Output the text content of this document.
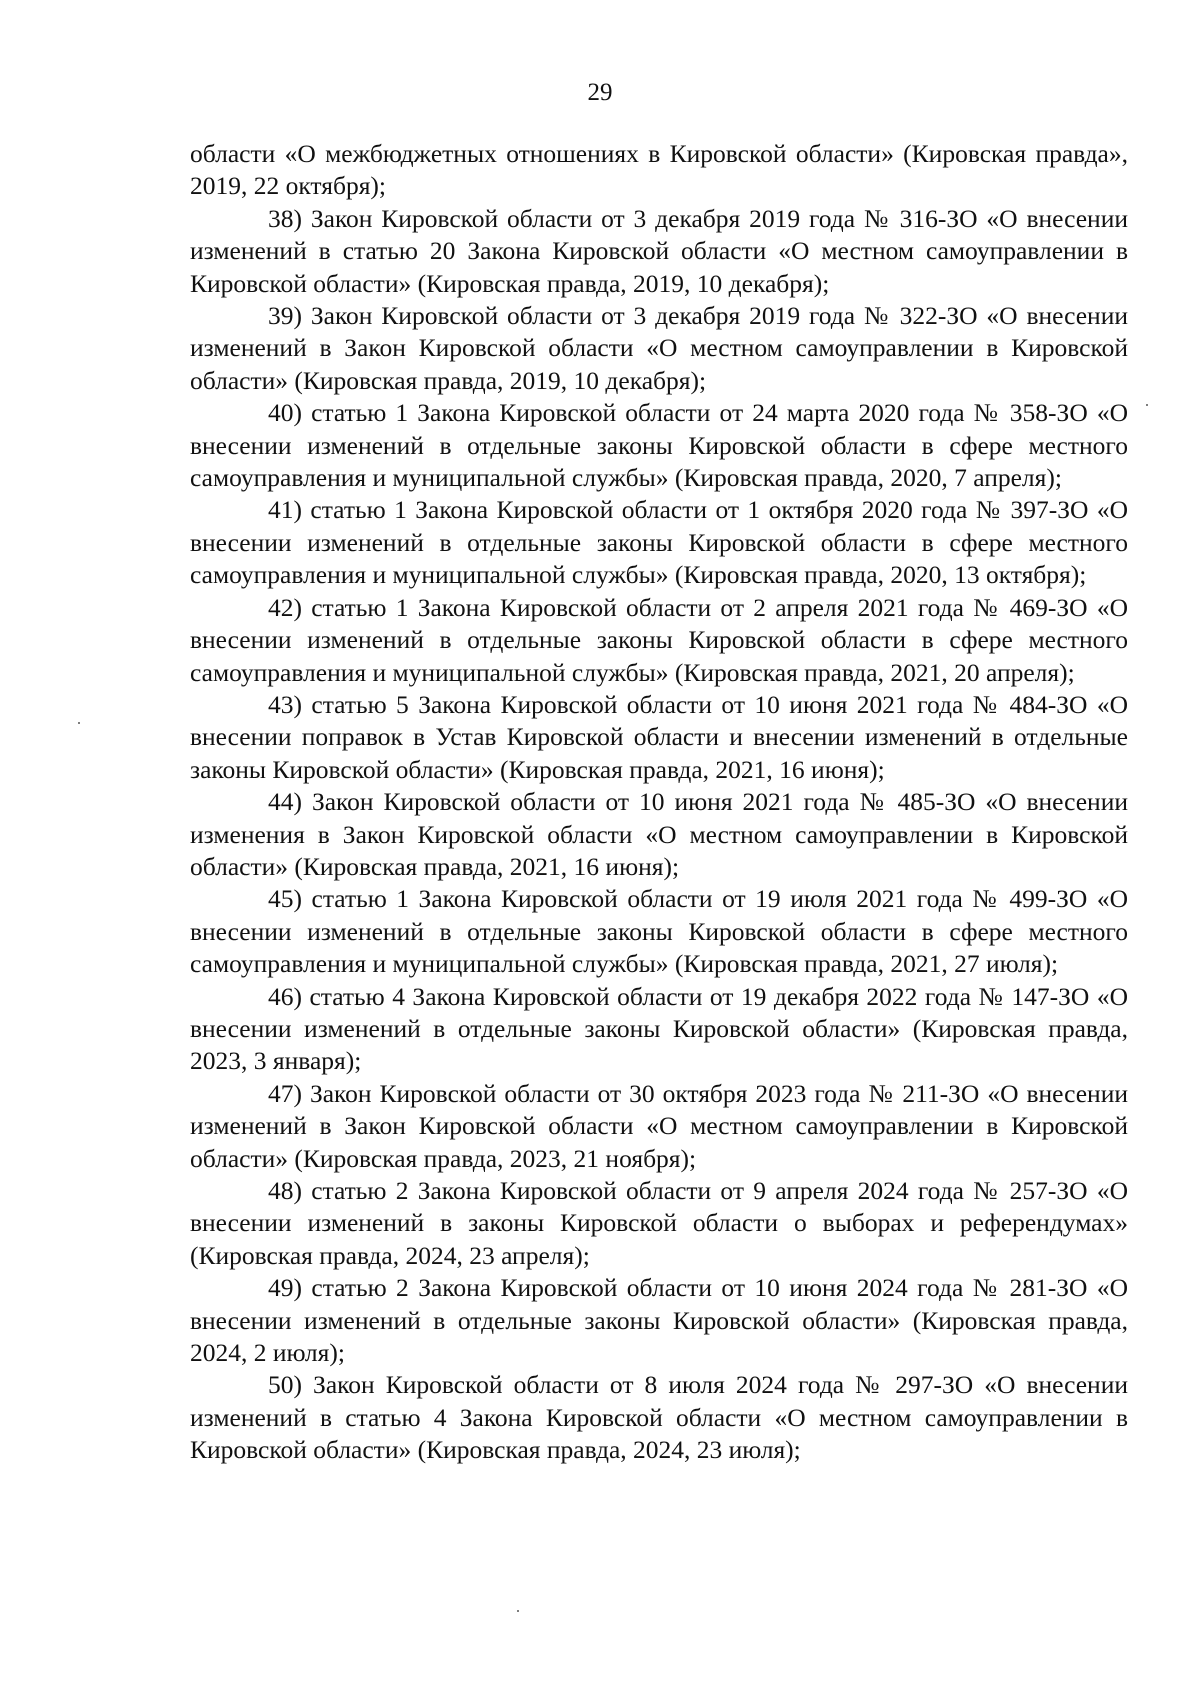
29

области «О межбюджетных отношениях в Кировской области» (Кировская правда», 2019, 22 октября);

38) Закон Кировской области от 3 декабря 2019 года № 316-ЗО «О внесении изменений в статью 20 Закона Кировской области «О местном самоуправлении в Кировской области» (Кировская правда, 2019, 10 декабря);

39) Закон Кировской области от 3 декабря 2019 года № 322-ЗО «О внесении изменений в Закон Кировской области «О местном самоуправлении в Кировской области» (Кировская правда, 2019, 10 декабря);

40) статью 1 Закона Кировской области от 24 марта 2020 года № 358-ЗО «О внесении изменений в отдельные законы Кировской области в сфере местного самоуправления и муниципальной службы» (Кировская правда, 2020, 7 апреля);

41) статью 1 Закона Кировской области от 1 октября 2020 года № 397-ЗО «О внесении изменений в отдельные законы Кировской области в сфере местного самоуправления и муниципальной службы» (Кировская правда, 2020, 13 октября);

42) статью 1 Закона Кировской области от 2 апреля 2021 года № 469-ЗО «О внесении изменений в отдельные законы Кировской области в сфере местного самоуправления и муниципальной службы» (Кировская правда, 2021, 20 апреля);

43) статью 5 Закона Кировской области от 10 июня 2021 года № 484-ЗО «О внесении поправок в Устав Кировской области и внесении изменений в отдельные законы Кировской области» (Кировская правда, 2021, 16 июня);

44) Закон Кировской области от 10 июня 2021 года № 485-ЗО «О внесении изменения в Закон Кировской области «О местном самоуправлении в Кировской области» (Кировская правда, 2021, 16 июня);

45) статью 1 Закона Кировской области от 19 июля 2021 года № 499-ЗО «О внесении изменений в отдельные законы Кировской области в сфере местного самоуправления и муниципальной службы» (Кировская правда, 2021, 27 июля);

46) статью 4 Закона Кировской области от 19 декабря 2022 года № 147-ЗО «О внесении изменений в отдельные законы Кировской области» (Кировская правда, 2023, 3 января);

47) Закон Кировской области от 30 октября 2023 года № 211-ЗО «О внесении изменений в Закон Кировской области «О местном самоуправлении в Кировской области» (Кировская правда, 2023, 21 ноября);

48) статью 2 Закона Кировской области от 9 апреля 2024 года № 257-ЗО «О внесении изменений в законы Кировской области о выборах и референдумах» (Кировская правда, 2024, 23 апреля);

49) статью 2 Закона Кировской области от 10 июня 2024 года № 281-ЗО «О внесении изменений в отдельные законы Кировской области» (Кировская правда, 2024, 2 июля);

50) Закон Кировской области от 8 июля 2024 года № 297-ЗО «О внесении изменений в статью 4 Закона Кировской области «О местном самоуправлении в Кировской области» (Кировская правда, 2024, 23 июля);
